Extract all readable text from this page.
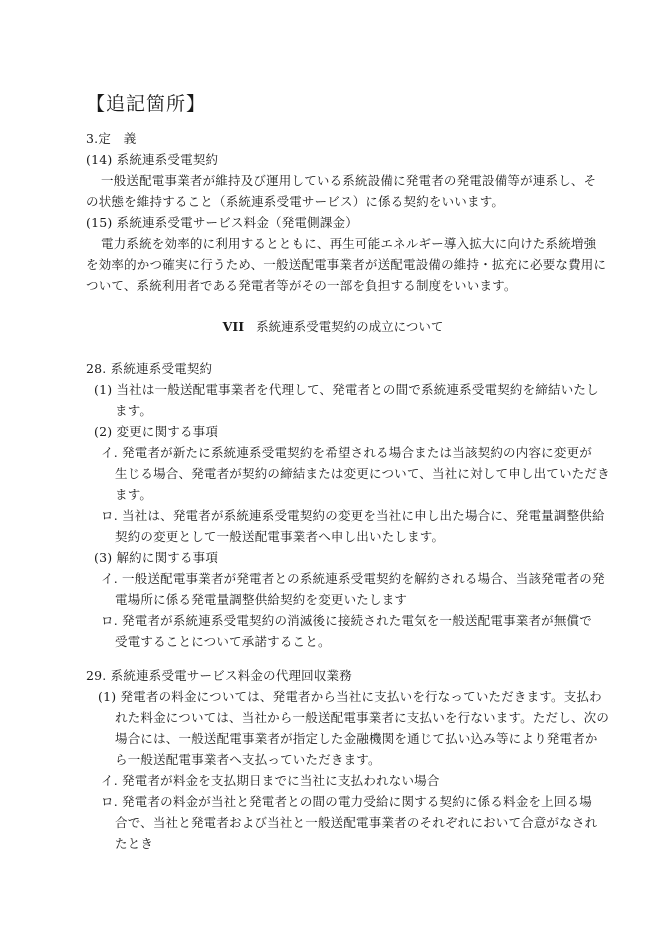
【追記箇所】
3.定　義
(14) 系統連系受電契約
一般送配電事業者が維持及び運用している系統設備に発電者の発電設備等が連系し、そ
の状態を維持すること（系統連系受電サービス）に係る契約をいいます。
(15) 系統連系受電サービス料金（発電側課金）
電力系統を効率的に利用するとともに、再生可能エネルギー導入拡大に向けた系統増強
を効率的かつ確実に行うため、一般送配電事業者が送配電設備の維持・拡充に必要な費用に
ついて、系統利用者である発電者等がその一部を負担する制度をいいます。
VII 系統連系受電契約の成立について
28. 系統連系受電契約
(1) 当社は一般送配電事業者を代理して、発電者との間で系統連系受電契約を締結いたし
ます。
(2) 変更に関する事項
イ. 発電者が新たに系統連系受電契約を希望される場合または当該契約の内容に変更が
生じる場合、発電者が契約の締結または変更について、当社に対して申し出ていただき
ます。
ロ. 当社は、発電者が系統連系受電契約の変更を当社に申し出た場合に、発電量調整供給
契約の変更として一般送配電事業者へ申し出いたします。
(3) 解約に関する事項
イ. 一般送配電事業者が発電者との系統連系受電契約を解約される場合、当該発電者の発
電場所に係る発電量調整供給契約を変更いたします
ロ. 発電者が系統連系受電契約の消滅後に接続された電気を一般送配電事業者が無償で
受電することについて承諾すること。
29. 系統連系受電サービス料金の代理回収業務
(1) 発電者の料金については、発電者から当社に支払いを行なっていただきます。支払わ
れた料金については、当社から一般送配電事業者に支払いを行ないます。ただし、次の
場合には、一般送配電事業者が指定した金融機関を通じて払い込み等により発電者か
ら一般送配電事業者へ支払っていただきます。
イ. 発電者が料金を支払期日までに当社に支払われない場合
ロ. 発電者の料金が当社と発電者との間の電力受給に関する契約に係る料金を上回る場
合で、当社と発電者および当社と一般送配電事業者のそれぞれにおいて合意がなされ
たとき
